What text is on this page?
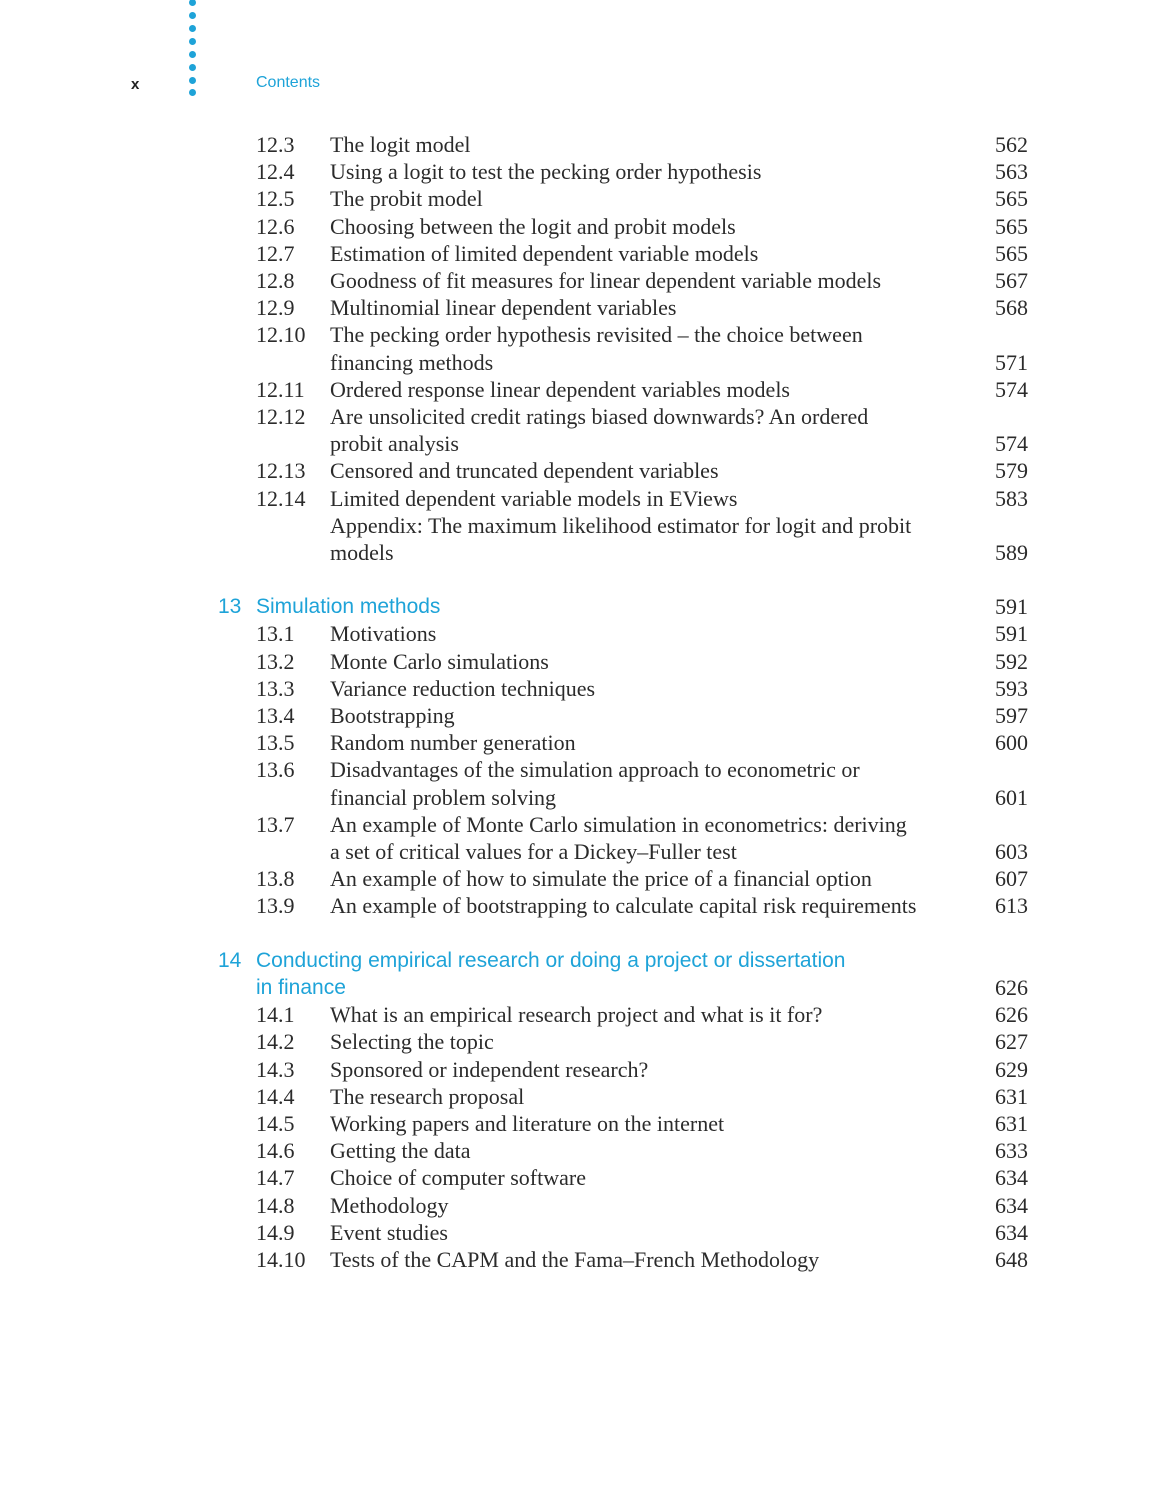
x	Contents
12.3 The logit model	562
12.4 Using a logit to test the pecking order hypothesis	563
12.5 The probit model	565
12.6 Choosing between the logit and probit models	565
12.7 Estimation of limited dependent variable models	565
12.8 Goodness of fit measures for linear dependent variable models	567
12.9 Multinomial linear dependent variables	568
12.10 The pecking order hypothesis revisited – the choice between financing methods	571
12.11 Ordered response linear dependent variables models	574
12.12 Are unsolicited credit ratings biased downwards? An ordered probit analysis	574
12.13 Censored and truncated dependent variables	579
12.14 Limited dependent variable models in EViews	583
Appendix: The maximum likelihood estimator for logit and probit models	589
13 Simulation methods	591
13.1 Motivations	591
13.2 Monte Carlo simulations	592
13.3 Variance reduction techniques	593
13.4 Bootstrapping	597
13.5 Random number generation	600
13.6 Disadvantages of the simulation approach to econometric or financial problem solving	601
13.7 An example of Monte Carlo simulation in econometrics: deriving a set of critical values for a Dickey–Fuller test	603
13.8 An example of how to simulate the price of a financial option	607
13.9 An example of bootstrapping to calculate capital risk requirements	613
14 Conducting empirical research or doing a project or dissertation in finance	626
14.1 What is an empirical research project and what is it for?	626
14.2 Selecting the topic	627
14.3 Sponsored or independent research?	629
14.4 The research proposal	631
14.5 Working papers and literature on the internet	631
14.6 Getting the data	633
14.7 Choice of computer software	634
14.8 Methodology	634
14.9 Event studies	634
14.10 Tests of the CAPM and the Fama–French Methodology	648
